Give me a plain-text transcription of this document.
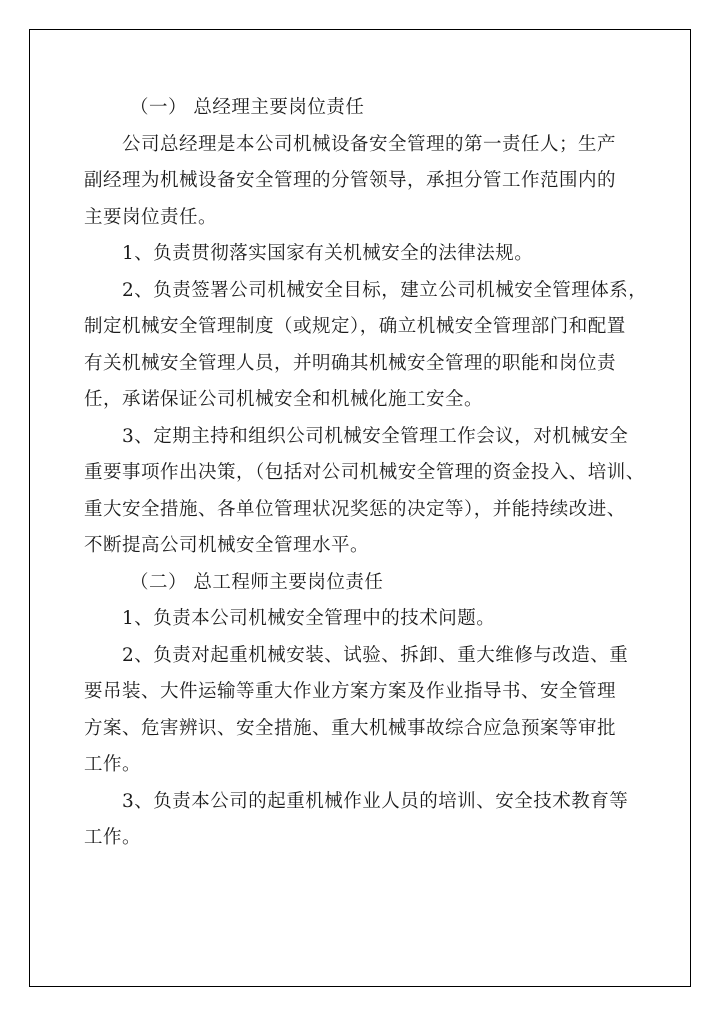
（一） 总经理主要岗位责任
公司总经理是本公司机械设备安全管理的第一责任人；生产
副经理为机械设备安全管理的分管领导，承担分管工作范围内的
主要岗位责任。
1、负责贯彻落实国家有关机械安全的法律法规。
2、负责签署公司机械安全目标，建立公司机械安全管理体系，
制定机械安全管理制度（或规定），确立机械安全管理部门和配置
有关机械安全管理人员，并明确其机械安全管理的职能和岗位责
任，承诺保证公司机械安全和机械化施工安全。
3、定期主持和组织公司机械安全管理工作会议，对机械安全
重要事项作出决策，（包括对公司机械安全管理的资金投入、培训、
重大安全措施、各单位管理状况奖惩的决定等），并能持续改进、
不断提高公司机械安全管理水平。
（二） 总工程师主要岗位责任
1、负责本公司机械安全管理中的技术问题。
2、负责对起重机械安装、试验、拆卸、重大维修与改造、重
要吊装、大件运输等重大作业方案方案及作业指导书、安全管理
方案、危害辨识、安全措施、重大机械事故综合应急预案等审批
工作。
3、负责本公司的起重机械作业人员的培训、安全技术教育等
工作。
